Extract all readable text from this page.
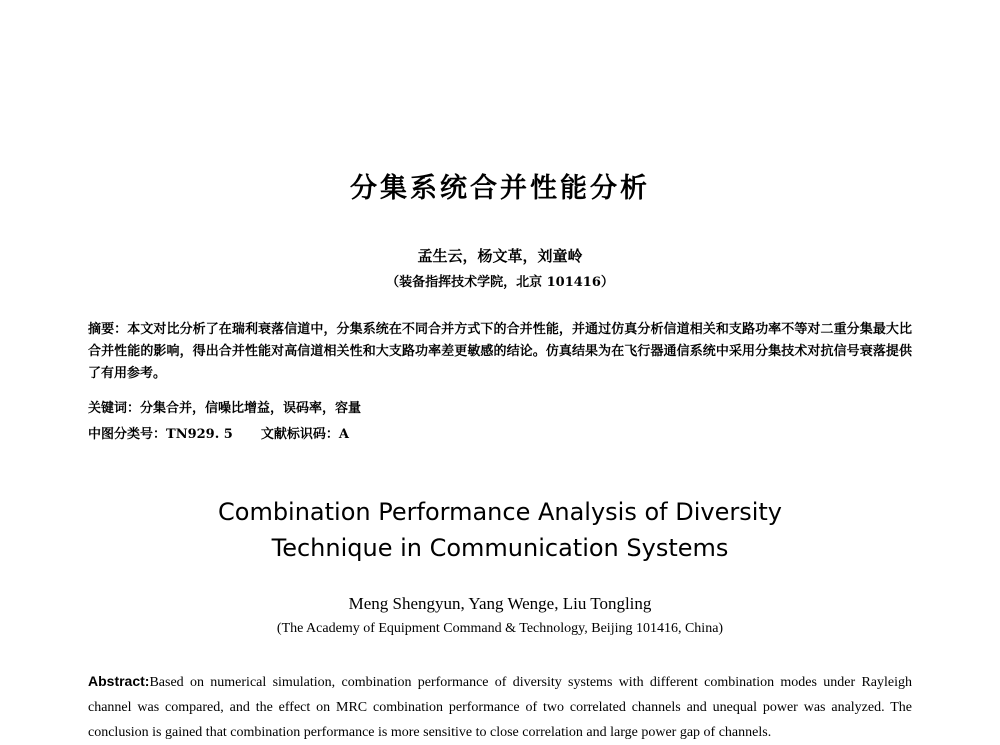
分集系统合并性能分析
孟生云，杨文革，刘童岭
（装备指挥技术学院，北京 101416）
摘要：本文对比分析了在瑞利衰落信道中，分集系统在不同合并方式下的合并性能，并通过仿真分析信道相关和支路功率不等对二重分集最大比合并性能的影响，得出合并性能对高信道相关性和大支路功率差更敏感的结论。仿真结果为在飞行器通信系统中采用分集技术对抗信号衰落提供了有用参考。
关键词：分集合并，信噪比增益，误码率，容量
中图分类号：TN929. 5 文献标识码：A
Combination Performance Analysis of Diversity
Technique in Communication Systems
Meng Shengyun, Yang Wenge, Liu Tongling
(The Academy of Equipment Command & Technology, Beijing 101416, China)
Abstract:Based on numerical simulation, combination performance of diversity systems with different combination modes under Rayleigh channel was compared, and the effect on MRC combination performance of two correlated channels and unequal power was analyzed. The conclusion is gained that combination performance is more sensitive to close correlation and large power gap of channels.
